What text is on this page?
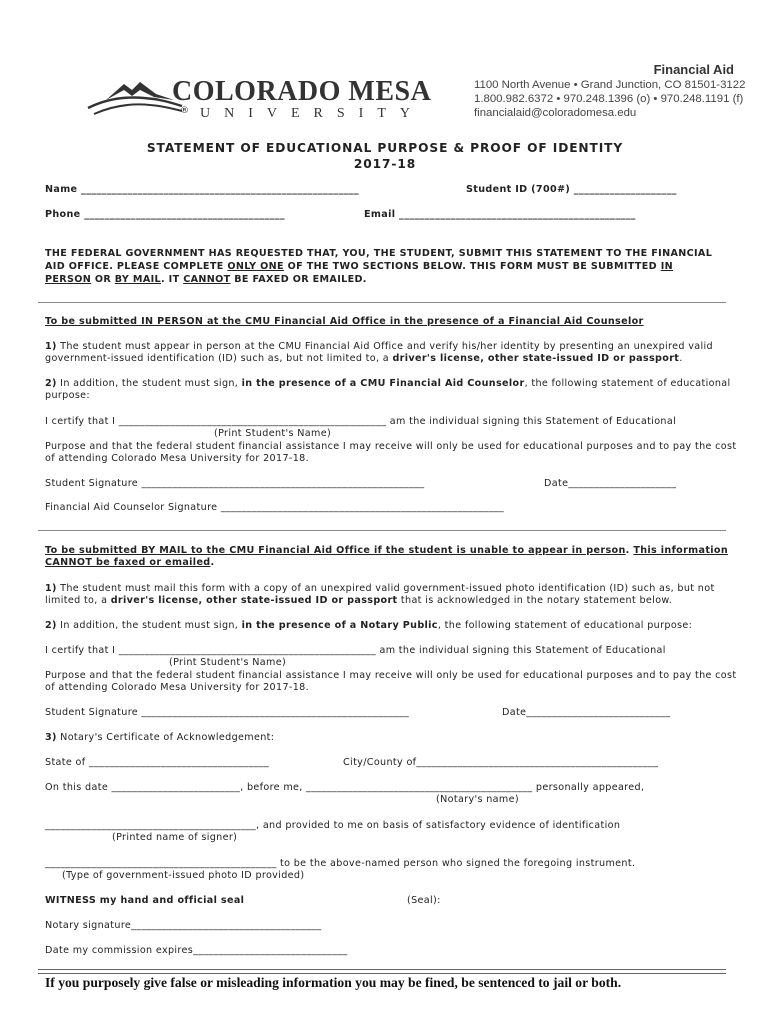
COLORADO MESA
UNIVERSITY
®
Financial Aid
1100 North Avenue • Grand Junction, CO 81501-3122
1.800.982.6372 • 970.248.1396 (o) • 970.248.1191 (f)
financialaid@coloradomesa.edu
STATEMENT OF EDUCATIONAL PURPOSE & PROOF OF IDENTITY
2017-18
Name ______________________________________________________	Student ID (700#) ____________________
Phone _______________________________________	Email ______________________________________________
THE FEDERAL GOVERNMENT HAS REQUESTED THAT, YOU, THE STUDENT, SUBMIT THIS STATEMENT TO THE FINANCIAL
AID OFFICE. PLEASE COMPLETE ONLY ONE OF THE TWO SECTIONS BELOW. THIS FORM MUST BE SUBMITTED IN
PERSON OR BY MAIL. IT CANNOT BE FAXED OR EMAILED.
To be submitted IN PERSON at the CMU Financial Aid Office in the presence of a Financial Aid Counselor
1) The student must appear in person at the CMU Financial Aid Office and verify his/her identity by presenting an unexpired valid
government-issued identification (ID) such as, but not limited to, a driver's license, other state-issued ID or passport.
2) In addition, the student must sign, in the presence of a CMU Financial Aid Counselor, the following statement of educational
purpose:
I certify that I ____________________________________________________ am the individual signing this Statement of Educational
(Print Student's Name)
Purpose and that the federal student financial assistance I may receive will only be used for educational purposes and to pay the cost
of attending Colorado Mesa University for 2017-18.
Student Signature _______________________________________________________	Date_____________________
Financial Aid Counselor Signature _______________________________________________________
To be submitted BY MAIL to the CMU Financial Aid Office if the student is unable to appear in person. This information
CANNOT be faxed or emailed.
1) The student must mail this form with a copy of an unexpired valid government-issued photo identification (ID) such as, but not
limited to, a driver's license, other state-issued ID or passport that is acknowledged in the notary statement below.
2) In addition, the student must sign, in the presence of a Notary Public, the following statement of educational purpose:
I certify that I __________________________________________________ am the individual signing this Statement of Educational
(Print Student's Name)
Purpose and that the federal student financial assistance I may receive will only be used for educational purposes and to pay the cost
of attending Colorado Mesa University for 2017-18.
Student Signature ____________________________________________________	Date____________________________
3) Notary's Certificate of Acknowledgement:
State of ___________________________________	City/County of_______________________________________________
On this date _________________________, before me, ____________________________________________ personally appeared,
(Notary's name)
_________________________________________, and provided to me on basis of satisfactory evidence of identification
(Printed name of signer)
_____________________________________________ to be the above-named person who signed the foregoing instrument.
(Type of government-issued photo ID provided)
WITNESS my hand and official seal	(Seal):
Notary signature_____________________________________
Date my commission expires______________________________
If you purposely give false or misleading information you may be fined, be sentenced to jail or both.
